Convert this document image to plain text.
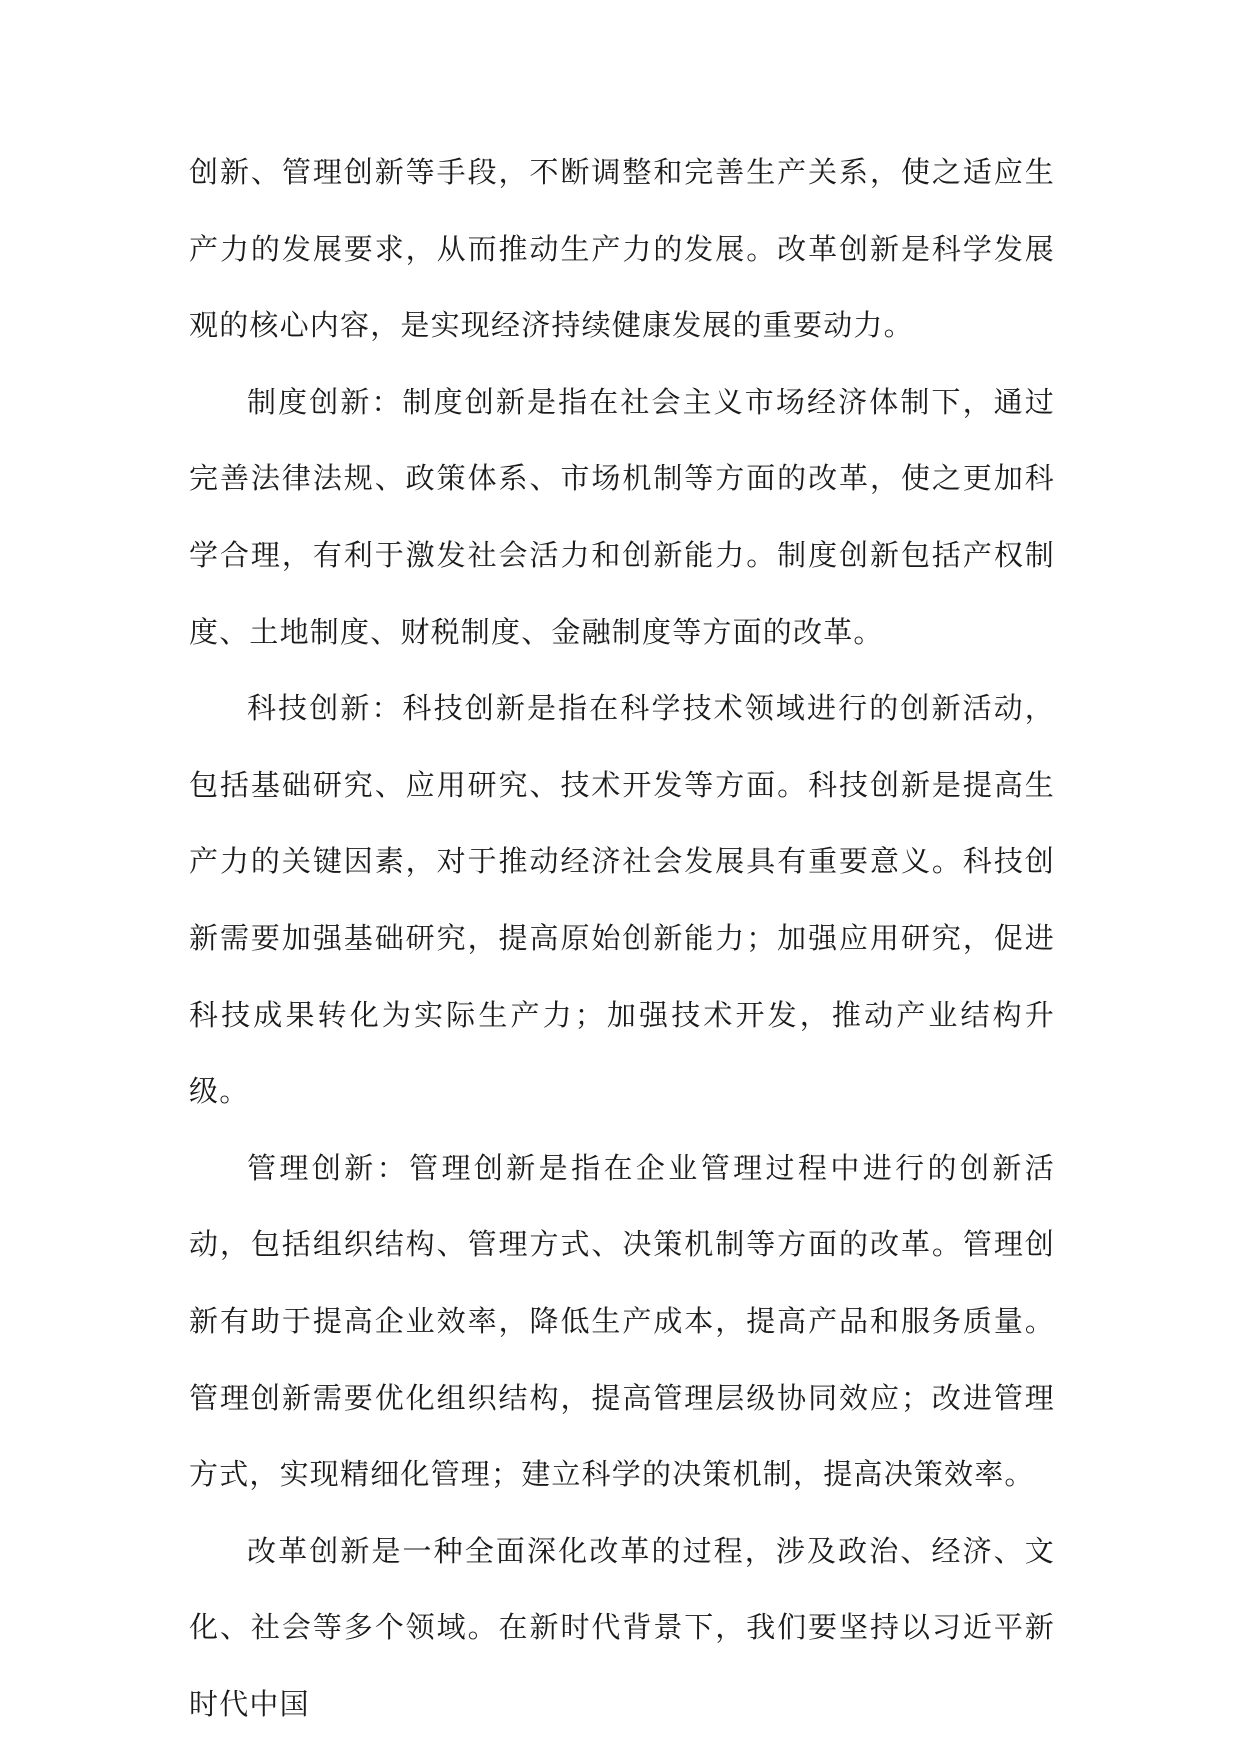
创新、管理创新等手段，不断调整和完善生产关系，使之适应生产力的发展要求，从而推动生产力的发展。改革创新是科学发展观的核心内容，是实现经济持续健康发展的重要动力。

制度创新：制度创新是指在社会主义市场经济体制下，通过完善法律法规、政策体系、市场机制等方面的改革，使之更加科学合理，有利于激发社会活力和创新能力。制度创新包括产权制度、土地制度、财税制度、金融制度等方面的改革。

科技创新：科技创新是指在科学技术领域进行的创新活动，包括基础研究、应用研究、技术开发等方面。科技创新是提高生产力的关键因素，对于推动经济社会发展具有重要意义。科技创新需要加强基础研究，提高原始创新能力；加强应用研究，促进科技成果转化为实际生产力；加强技术开发，推动产业结构升级。

管理创新：管理创新是指在企业管理过程中进行的创新活动，包括组织结构、管理方式、决策机制等方面的改革。管理创新有助于提高企业效率，降低生产成本，提高产品和服务质量。管理创新需要优化组织结构，提高管理层级协同效应；改进管理方式，实现精细化管理；建立科学的决策机制，提高决策效率。

改革创新是一种全面深化改革的过程，涉及政治、经济、文化、社会等多个领域。在新时代背景下，我们要坚持以习近平新时代中国
